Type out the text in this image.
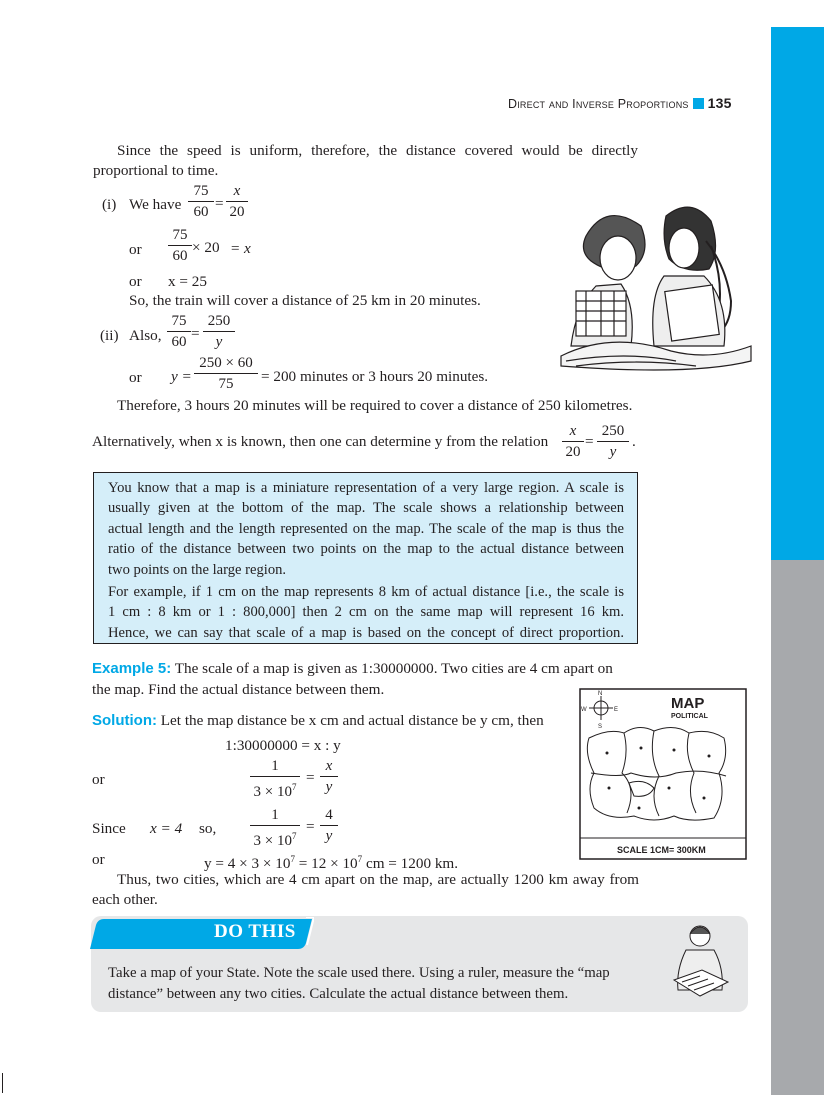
Direct and Inverse Proportions 135
Since the speed is uniform, therefore, the distance covered would be directly
proportional to time.
(i) We have $\frac{75}{60} = \frac{x}{20}$
or $\frac{75}{60} \times 20 = x$
or x = 25
So, the train will cover a distance of 25 km in 20 minutes.
(ii) Also, $\frac{75}{60} = \frac{250}{y}$
or $y = \frac{250 \times 60}{75} = 200$ minutes or 3 hours 20 minutes.
Therefore, 3 hours 20 minutes will be required to cover a distance of 250 kilometres.
Alternatively, when x is known, then one can determine y from the relation $\frac{x}{20} = \frac{250}{y}$ .
You know that a map is a miniature representation of a very large region. A scale is
usually given at the bottom of the map. The scale shows a relationship between
actual length and the length represented on the map. The scale of the map is thus the
ratio of the distance between two points on the map to the actual distance between
two points on the large region.
For example, if 1 cm on the map represents 8 km of actual distance [i.e., the scale is
1 cm : 8 km or 1 : 800,000] then 2 cm on the same map will represent 16 km.
Hence, we can say that scale of a map is based on the concept of direct proportion.
Example 5: The scale of a map is given as 1:30000000. Two cities are 4 cm apart on
the map. Find the actual distance between them.
Solution: Let the map distance be x cm and actual distance be y cm, then
1:30000000 = x : y
or	$\frac{1}{3 \times 10^7} = \frac{x}{y}$
Since x = 4 so, $\frac{1}{3 \times 10^7} = \frac{4}{y}$
or	$y = 4 \times 3 \times 10^7 = 12 \times 10^7$ cm = 1200 km.
Thus, two cities, which are 4 cm apart on the map, are actually 1200 km away from
each other.
MAP
POLITICAL
N
E
S
W
SCALE 1CM= 300KM
DO THIS
Take a map of your State. Note the scale used there. Using a ruler, measure the “map
distance” between any two cities. Calculate the actual distance between them.
